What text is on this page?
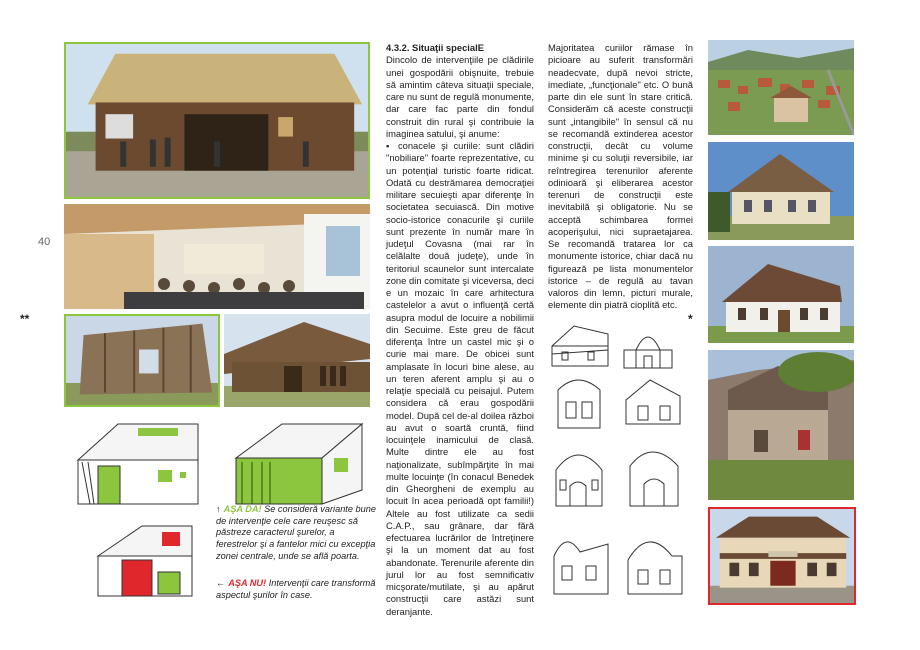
40
**	*
↑ AŞA DA! Se consideră variante bune de intervenţie cele care reuşesc să păstreze caracterul şurelor, a ferestrelor şi a fantelor mici cu excepţia zonei centrale, unde se află poarta.
← AŞA NU! Intervenţii care transformă aspectul şurilor în case.

4.3.2. Situaţii specialE

Dincolo de intervenţiile pe clădirile unei gospodării obişnuite, trebuie să amintim câteva situaţii speciale, care nu sunt de regulă monumente, dar care fac parte din fondul construit din rural şi contribuie la imaginea satului, şi anume:

▪ conacele şi curiile: sunt clădiri "nobiliare" foarte reprezentative, cu un potenţial turistic foarte ridicat. Odată cu destrămarea democraţiei militare secuieşti apar diferenţe în societatea secuiască. Din motive socio-istorice conacurile şi curiile sunt prezente în număr mare în judeţul Covasna (mai rar în celălalte două judeţe), unde în teritoriul scaunelor sunt intercalate zone din comitate şi viceversa, deci e un mozaic în care arhitectura castelelor a avut o influenţă certă asupra modul de locuire a nobilimii din Secuime. Este greu de făcut diferenţa între un castel mic şi o curie mai mare. De obicei sunt amplasate în locuri bine alese, au un teren aferent amplu şi au o relaţie specială cu peisajul. Putem considera că erau gospodării model. După cel de-al doilea război au avut o soartă cruntă, fiind locuinţele inamicului de clasă. Multe dintre ele au fost naţionalizate, subîmpărţite în mai multe locuinţe (în conacul Benedek din Gheorgheni de exemplu au locuit în acea perioadă opt familii!) Altele au fost utilizate ca sedii C.A.P., sau grânare, dar fără efectuarea lucrărilor de întreţinere şi la un moment dat au fost abandonate. Terenurile aferente din jurul lor au fost semnificativ micşorate/mutilate, şi au apărut construcţii care astăzi sunt deranjante.

Majoritatea curiilor rămase în picioare au suferit transformări neadecvate, după nevoi stricte, imediate, „funcţionale" etc. O bună parte din ele sunt în stare critică. Considerăm că aceste construcţii sunt „intangibile" în sensul că nu se recomandă extinderea acestor construcţii, decât cu volume minime şi cu soluţii reversibile, iar reîntregirea terenurilor aferente odinioară şi eliberarea acestor terenuri de construcţii este inevitabilă şi obligatorie. Nu se acceptă schimbarea formei acoperişului, nici supraetajarea. Se recomandă tratarea lor ca monumente istorice, chiar dacă nu figurează pe lista monumentelor istorice – de regulă au tavan valoros din lemn, picturi murale, elemente din piatră cioplită etc.
